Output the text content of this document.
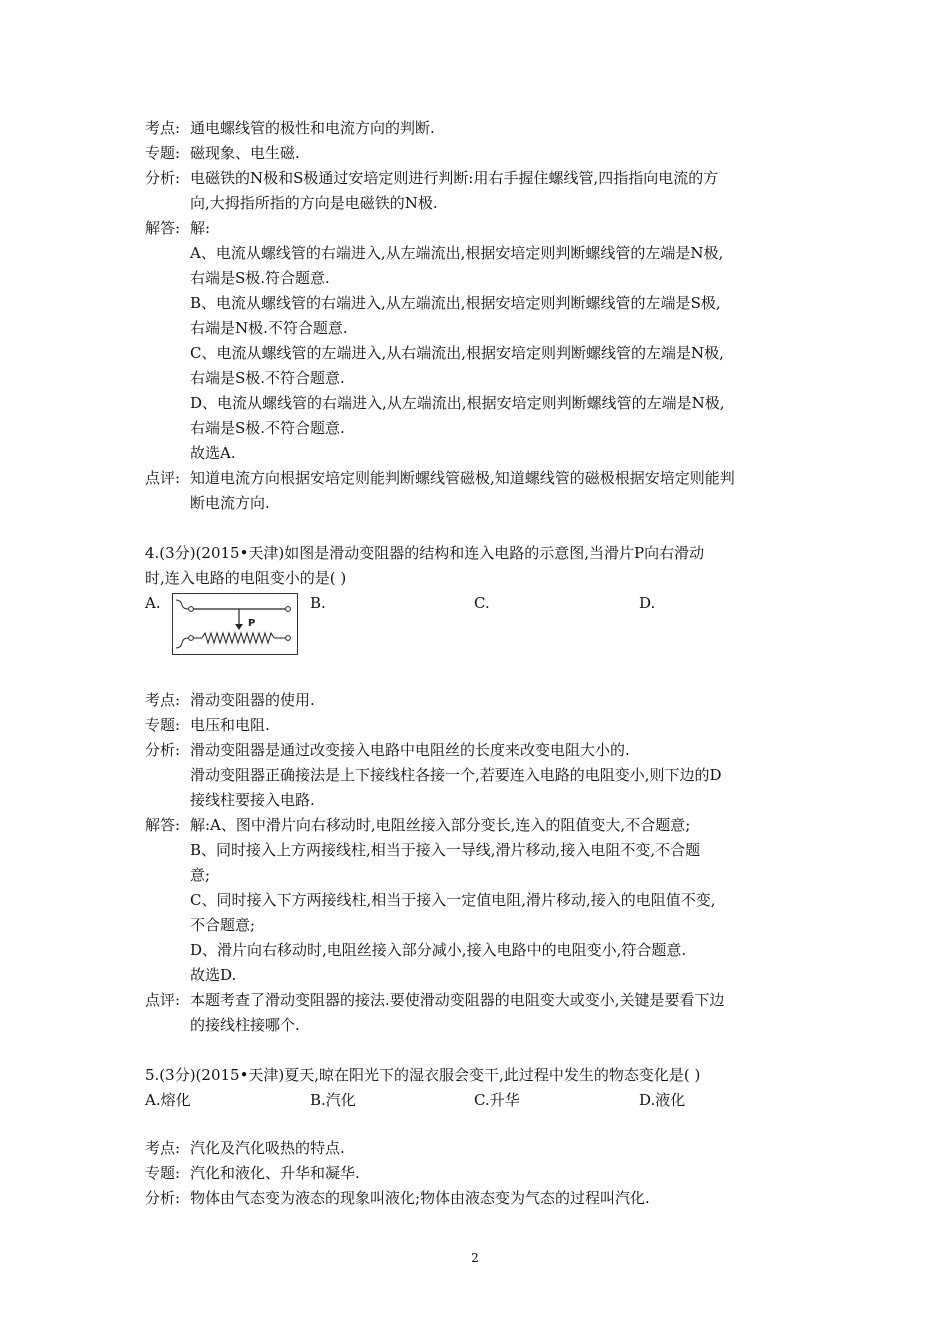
考点: 通电螺线管的极性和电流方向的判断.
专题: 磁现象、电生磁.
分析: 电磁铁的N极和S极通过安培定则进行判断:用右手握住螺线管,四指指向电流的方
向,大拇指所指的方向是电磁铁的N极.
解答: 解:
A、电流从螺线管的右端进入,从左端流出,根据安培定则判断螺线管的左端是N极,
右端是S极.符合题意.
B、电流从螺线管的右端进入,从左端流出,根据安培定则判断螺线管的左端是S极,
右端是N极.不符合题意.
C、电流从螺线管的左端进入,从右端流出,根据安培定则判断螺线管的左端是N极,
右端是S极.不符合题意.
D、电流从螺线管的右端进入,从左端流出,根据安培定则判断螺线管的左端是N极,
右端是S极.不符合题意.
故选A.
点评: 知道电流方向根据安培定则能判断螺线管磁极,知道螺线管的磁极根据安培定则能判
断电流方向.
4.(3分)(2015•天津)如图是滑动变阻器的结构和连入电路的示意图,当滑片P向右滑动
时,连入电路的电阻变小的是( )
A.
P
B.	C.	D.
考点: 滑动变阻器的使用.
专题: 电压和电阻.
分析: 滑动变阻器是通过改变接入电路中电阻丝的长度来改变电阻大小的.
滑动变阻器正确接法是上下接线柱各接一个,若要连入电路的电阻变小,则下边的D
接线柱要接入电路.
解答: 解:A、图中滑片向右移动时,电阻丝接入部分变长,连入的阻值变大,不合题意;
B、同时接入上方两接线柱,相当于接入一导线,滑片移动,接入电阻不变,不合题
意;
C、同时接入下方两接线柱,相当于接入一定值电阻,滑片移动,接入的电阻值不变,
不合题意;
D、滑片向右移动时,电阻丝接入部分减小,接入电路中的电阻变小,符合题意.
故选D.
点评: 本题考查了滑动变阻器的接法.要使滑动变阻器的电阻变大或变小,关键是要看下边
的接线柱接哪个.
5.(3分)(2015•天津)夏天,晾在阳光下的湿衣服会变干,此过程中发生的物态变化是( )
A.熔化	B.汽化	C.升华	D.液化
考点: 汽化及汽化吸热的特点.
专题: 汽化和液化、升华和凝华.
分析: 物体由气态变为液态的现象叫液化;物体由液态变为气态的过程叫汽化.
2
